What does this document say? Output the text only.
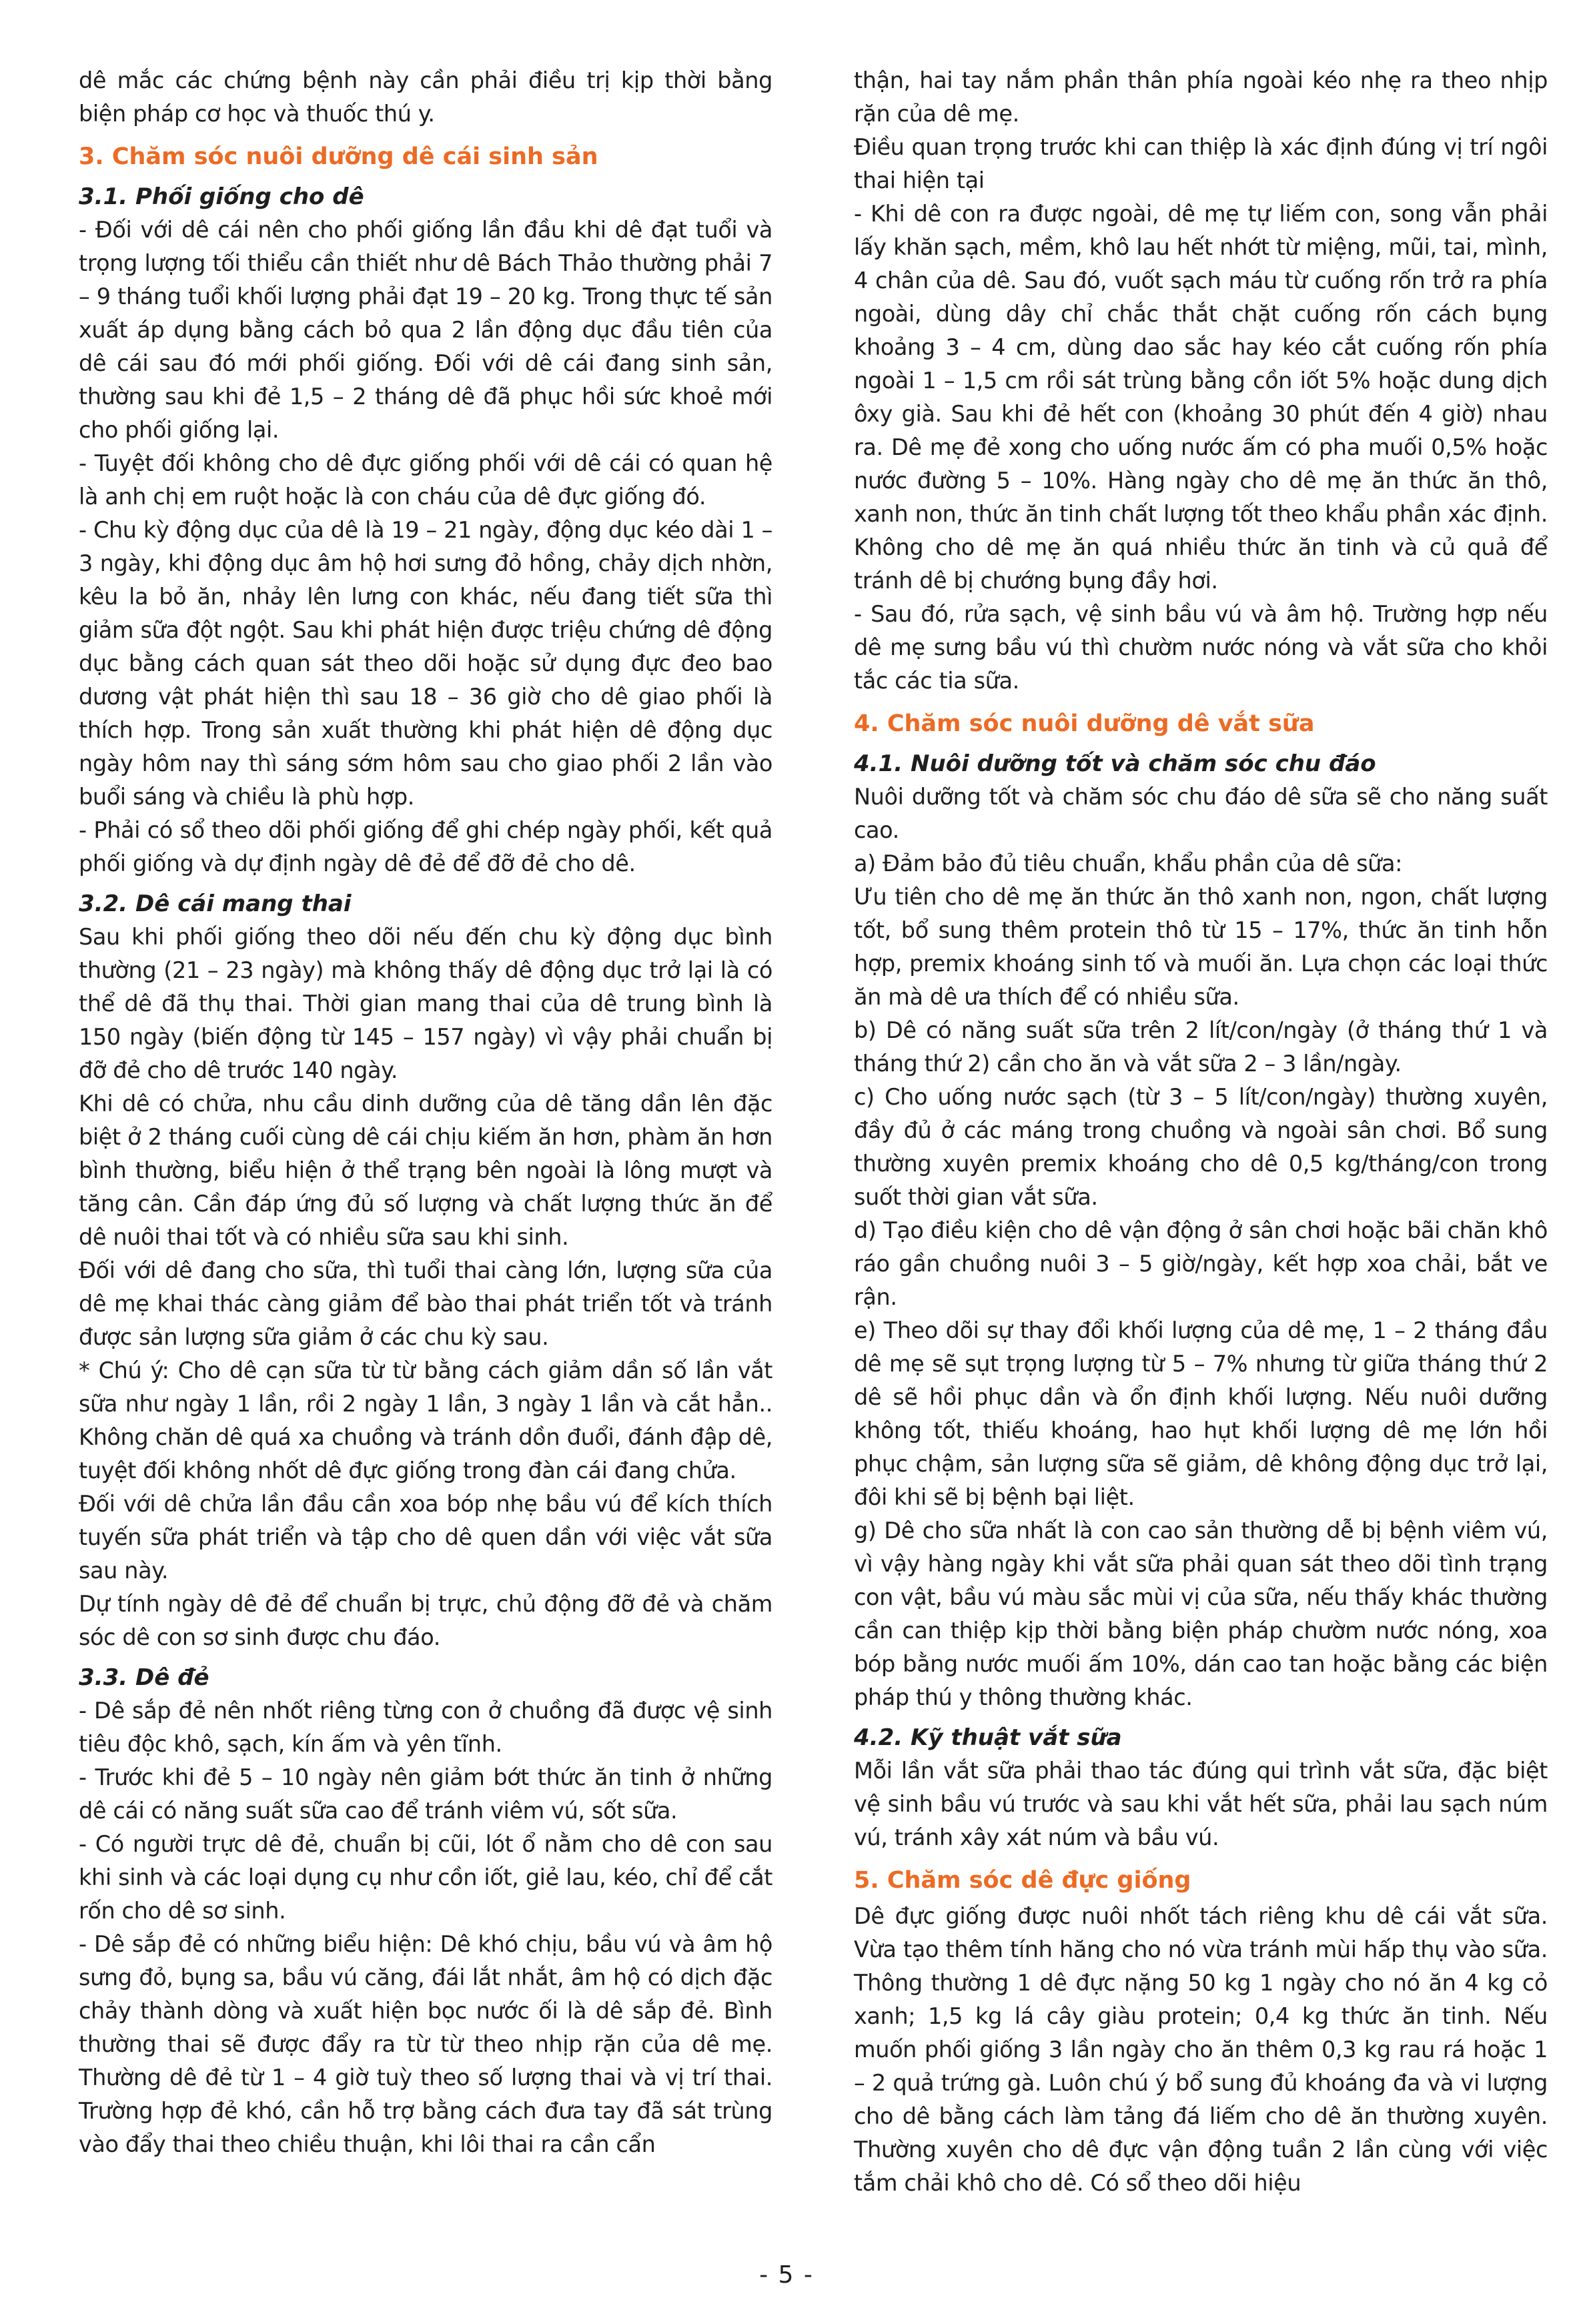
dê mắc các chứng bệnh này cần phải điều trị kịp thời bằng biện pháp cơ học và thuốc thú y.

3. Chăm sóc nuôi dưỡng dê cái sinh sản
3.1. Phối giống cho dê

- Đối với dê cái nên cho phối giống lần đầu khi dê đạt tuổi và trọng lượng tối thiểu cần thiết như dê Bách Thảo thường phải 7 – 9 tháng tuổi khối lượng phải đạt 19 – 20 kg. Trong thực tế sản xuất áp dụng bằng cách bỏ qua 2 lần động dục đầu tiên của dê cái sau đó mới phối giống. Đối với dê cái đang sinh sản, thường sau khi đẻ 1,5 – 2 tháng dê đã phục hồi sức khoẻ mới cho phối giống lại.

- Tuyệt đối không cho dê đực giống phối với dê cái có quan hệ là anh chị em ruột hoặc là con cháu của dê đực giống đó.

- Chu kỳ động dục của dê là 19 – 21 ngày, động dục kéo dài 1 – 3 ngày, khi động dục âm hộ hơi sưng đỏ hồng, chảy dịch nhờn, kêu la bỏ ăn, nhảy lên lưng con khác, nếu đang tiết sữa thì giảm sữa đột ngột. Sau khi phát hiện được triệu chứng dê động dục bằng cách quan sát theo dõi hoặc sử dụng đực đeo bao dương vật phát hiện thì sau 18 – 36 giờ cho dê giao phối là thích hợp. Trong sản xuất thường khi phát hiện dê động dục ngày hôm nay thì sáng sớm hôm sau cho giao phối 2 lần vào buổi sáng và chiều là phù hợp.

- Phải có sổ theo dõi phối giống để ghi chép ngày phối, kết quả phối giống và dự định ngày dê đẻ để đỡ đẻ cho dê.

3.2. Dê cái mang thai

Sau khi phối giống theo dõi nếu đến chu kỳ động dục bình thường (21 – 23 ngày) mà không thấy dê động dục trở lại là có thể dê đã thụ thai. Thời gian mang thai của dê trung bình là 150 ngày (biến động từ 145 – 157 ngày) vì vậy phải chuẩn bị đỡ đẻ cho dê trước 140 ngày.

Khi dê có chửa, nhu cầu dinh dưỡng của dê tăng dần lên đặc biệt ở 2 tháng cuối cùng dê cái chịu kiếm ăn hơn, phàm ăn hơn bình thường, biểu hiện ở thể trạng bên ngoài là lông mượt và tăng cân. Cần đáp ứng đủ số lượng và chất lượng thức ăn để dê nuôi thai tốt và có nhiều sữa sau khi sinh.

Đối với dê đang cho sữa, thì tuổi thai càng lớn, lượng sữa của dê mẹ khai thác càng giảm để bào thai phát triển tốt và tránh được sản lượng sữa giảm ở các chu kỳ sau.

* Chú ý: Cho dê cạn sữa từ từ bằng cách giảm dần số lần vắt sữa như ngày 1 lần, rồi 2 ngày 1 lần, 3 ngày 1 lần và cắt hẳn.. Không chăn dê quá xa chuồng và tránh dồn đuổi, đánh đập dê, tuyệt đối không nhốt dê đực giống trong đàn cái đang chửa.

Đối với dê chửa lần đầu cần xoa bóp nhẹ bầu vú để kích thích tuyến sữa phát triển và tập cho dê quen dần với việc vắt sữa sau này.

Dự tính ngày dê đẻ để chuẩn bị trực, chủ động đỡ đẻ và chăm sóc dê con sơ sinh được chu đáo.

3.3. Dê đẻ

- Dê sắp đẻ nên nhốt riêng từng con ở chuồng đã được vệ sinh tiêu độc khô, sạch, kín ấm và yên tĩnh.

- Trước khi đẻ 5 – 10 ngày nên giảm bớt thức ăn tinh ở những dê cái có năng suất sữa cao để tránh viêm vú, sốt sữa.

- Có người trực dê đẻ, chuẩn bị cũi, lót ổ nằm cho dê con sau khi sinh và các loại dụng cụ như cồn iốt, giẻ lau, kéo, chỉ để cắt rốn cho dê sơ sinh.

- Dê sắp đẻ có những biểu hiện: Dê khó chịu, bầu vú và âm hộ sưng đỏ, bụng sa, bầu vú căng, đái lắt nhắt, âm hộ có dịch đặc chảy thành dòng và xuất hiện bọc nước ối là dê sắp đẻ. Bình thường thai sẽ được đẩy ra từ từ theo nhịp rặn của dê mẹ. Thường dê đẻ từ 1 – 4 giờ tuỳ theo số lượng thai và vị trí thai. Trường hợp đẻ khó, cần hỗ trợ bằng cách đưa tay đã sát trùng vào đẩy thai theo chiều thuận, khi lôi thai ra cần cẩn

thận, hai tay nắm phần thân phía ngoài kéo nhẹ ra theo nhịp rặn của dê mẹ.

Điều quan trọng trước khi can thiệp là xác định đúng vị trí ngôi thai hiện tại

- Khi dê con ra được ngoài, dê mẹ tự liếm con, song vẫn phải lấy khăn sạch, mềm, khô lau hết nhớt từ miệng, mũi, tai, mình, 4 chân của dê. Sau đó, vuốt sạch máu từ cuống rốn trở ra phía ngoài, dùng dây chỉ chắc thắt chặt cuống rốn cách bụng khoảng 3 – 4 cm, dùng dao sắc hay kéo cắt cuống rốn phía ngoài 1 – 1,5 cm rồi sát trùng bằng cồn iốt 5% hoặc dung dịch ôxy già. Sau khi đẻ hết con (khoảng 30 phút đến 4 giờ) nhau ra. Dê mẹ đẻ xong cho uống nước ấm có pha muối 0,5% hoặc nước đường 5 – 10%. Hàng ngày cho dê mẹ ăn thức ăn thô, xanh non, thức ăn tinh chất lượng tốt theo khẩu phần xác định. Không cho dê mẹ ăn quá nhiều thức ăn tinh và củ quả để tránh dê bị chướng bụng đầy hơi.

- Sau đó, rửa sạch, vệ sinh bầu vú và âm hộ. Trường hợp nếu dê mẹ sưng bầu vú thì chườm nước nóng và vắt sữa cho khỏi tắc các tia sữa.

4. Chăm sóc nuôi dưỡng dê vắt sữa
4.1. Nuôi dưỡng tốt và chăm sóc chu đáo

Nuôi dưỡng tốt và chăm sóc chu đáo dê sữa sẽ cho năng suất cao.

a) Đảm bảo đủ tiêu chuẩn, khẩu phần của dê sữa:

Ưu tiên cho dê mẹ ăn thức ăn thô xanh non, ngon, chất lượng tốt, bổ sung thêm protein thô từ 15 – 17%, thức ăn tinh hỗn hợp, premix khoáng sinh tố và muối ăn. Lựa chọn các loại thức ăn mà dê ưa thích để có nhiều sữa.

b) Dê có năng suất sữa trên 2 lít/con/ngày (ở tháng thứ 1 và tháng thứ 2) cần cho ăn và vắt sữa 2 – 3 lần/ngày.

c) Cho uống nước sạch (từ 3 – 5 lít/con/ngày) thường xuyên, đầy đủ ở các máng trong chuồng và ngoài sân chơi. Bổ sung thường xuyên premix khoáng cho dê 0,5 kg/tháng/con trong suốt thời gian vắt sữa.

d) Tạo điều kiện cho dê vận động ở sân chơi hoặc bãi chăn khô ráo gần chuồng nuôi 3 – 5 giờ/ngày, kết hợp xoa chải, bắt ve rận.

e) Theo dõi sự thay đổi khối lượng của dê mẹ, 1 – 2 tháng đầu dê mẹ sẽ sụt trọng lượng từ 5 – 7% nhưng từ giữa tháng thứ 2 dê sẽ hồi phục dần và ổn định khối lượng. Nếu nuôi dưỡng không tốt, thiếu khoáng, hao hụt khối lượng dê mẹ lớn hồi phục chậm, sản lượng sữa sẽ giảm, dê không động dục trở lại, đôi khi sẽ bị bệnh bại liệt.

g) Dê cho sữa nhất là con cao sản thường dễ bị bệnh viêm vú, vì vậy hàng ngày khi vắt sữa phải quan sát theo dõi tình trạng con vật, bầu vú màu sắc mùi vị của sữa, nếu thấy khác thường cần can thiệp kịp thời bằng biện pháp chườm nước nóng, xoa bóp bằng nước muối ấm 10%, dán cao tan hoặc bằng các biện pháp thú y thông thường khác.

4.2. Kỹ thuật vắt sữa

Mỗi lần vắt sữa phải thao tác đúng qui trình vắt sữa, đặc biệt vệ sinh bầu vú trước và sau khi vắt hết sữa, phải lau sạch núm vú, tránh xây xát núm và bầu vú.

5. Chăm sóc dê đực giống

Dê đực giống được nuôi nhốt tách riêng khu dê cái vắt sữa. Vừa tạo thêm tính hăng cho nó vừa tránh mùi hấp thụ vào sữa. Thông thường 1 dê đực nặng 50 kg 1 ngày cho nó ăn 4 kg cỏ xanh; 1,5 kg lá cây giàu protein; 0,4 kg thức ăn tinh. Nếu muốn phối giống 3 lần ngày cho ăn thêm 0,3 kg rau rá hoặc 1 – 2 quả trứng gà. Luôn chú ý bổ sung đủ khoáng đa và vi lượng cho dê bằng cách làm tảng đá liếm cho dê ăn thường xuyên. Thường xuyên cho dê đực vận động tuần 2 lần cùng với việc tắm chải khô cho dê. Có sổ theo dõi hiệu

- 5 -
